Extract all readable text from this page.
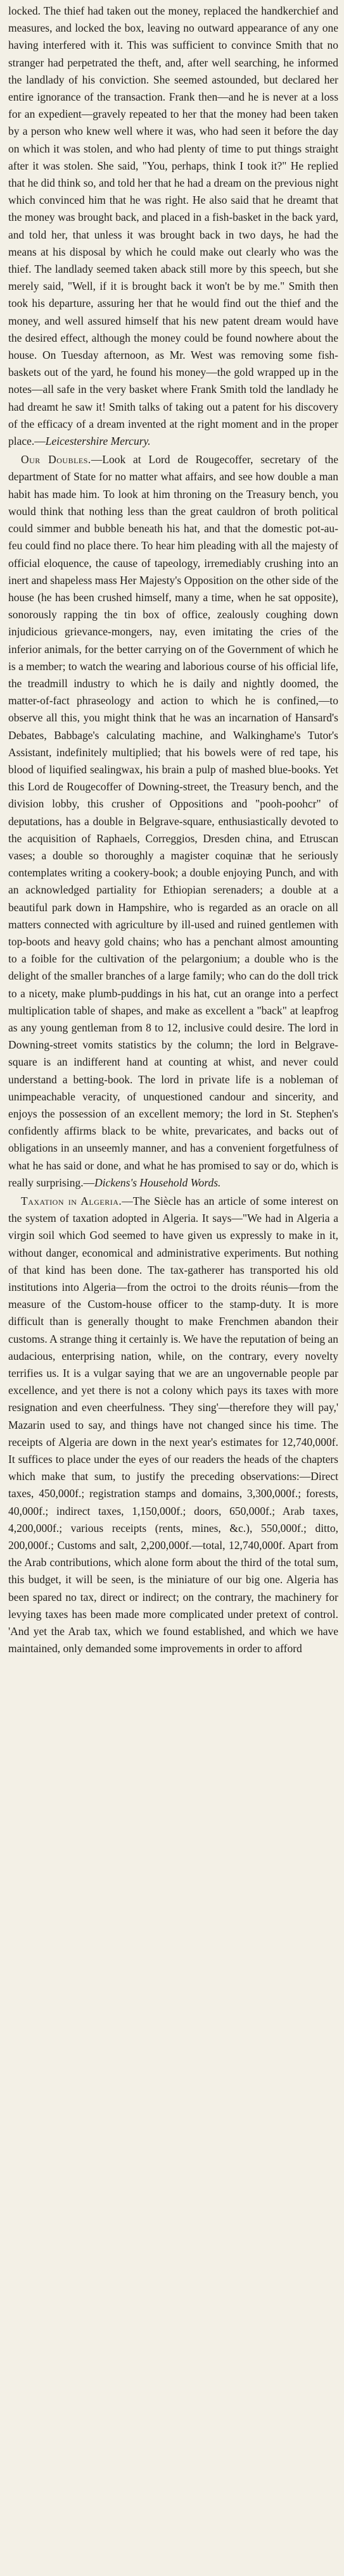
locked. The thief had taken out the money, replaced the handkerchief and measures, and locked the box, leaving no outward appearance of any one having interfered with it. This was sufficient to convince Smith that no stranger had perpetrated the theft, and, after well searching, he informed the landlady of his conviction. She seemed astounded, but declared her entire ignorance of the transaction. Frank then—and he is never at a loss for an expedient—gravely repeated to her that the money had been taken by a person who knew well where it was, who had seen it before the day on which it was stolen, and who had plenty of time to put things straight after it was stolen. She said, "You, perhaps, think I took it?" He replied that he did think so, and told her that he had a dream on the previous night which convinced him that he was right. He also said that he dreamt that the money was brought back, and placed in a fish-basket in the back yard, and told her, that unless it was brought back in two days, he had the means at his disposal by which he could make out clearly who was the thief. The landlady seemed taken aback still more by this speech, but she merely said, "Well, if it is brought back it won't be by me." Smith then took his departure, assuring her that he would find out the thief and the money, and well assured himself that his new patent dream would have the desired effect, although the money could be found nowhere about the house. On Tuesday afternoon, as Mr. West was removing some fish-baskets out of the yard, he found his money—the gold wrapped up in the notes—all safe in the very basket where Frank Smith told the landlady he had dreamt he saw it! Smith talks of taking out a patent for his discovery of the efficacy of a dream invented at the right moment and in the proper place.—Leicestershire Mercury.

Our Doubles.—Look at Lord de Rougecoffer, secretary of the department of State for no matter what affairs, and see how double a man habit has made him. To look at him throning on the Treasury bench, you would think that nothing less than the great cauldron of broth political could simmer and bubble beneath his hat, and that the domestic pot-au-feu could find no place there. To hear him pleading with all the majesty of official eloquence, the cause of tapeology, irremediably crushing into an inert and shapeless mass Her Majesty's Opposition on the other side of the house (he has been crushed himself, many a time, when he sat opposite), sonorously rapping the tin box of office, zealously coughing down injudicious grievance-mongers, nay, even imitating the cries of the inferior animals, for the better carrying on of the Government of which he is a member; to watch the wearing and laborious course of his official life, the treadmill industry to which he is daily and nightly doomed, the matter-of-fact phraseology and action to which he is confined,—to observe all this, you might think that he was an incarnation of Hansard's Debates, Babbage's calculating machine, and Walkinghame's Tutor's Assistant, indefinitely multiplied; that his bowels were of red tape, his blood of liquified sealingwax, his brain a pulp of mashed blue-books. Yet this Lord de Rougecoffer of Downing-street, the Treasury bench, and the division lobby, this crusher of Oppositions and "pooh-poohcr" of deputations, has a double in Belgrave-square, enthusiastically devoted to the acquisition of Raphaels, Correggios, Dresden china, and Etruscan vases; a double so thoroughly a magister coquinæ that he seriously contemplates writing a cookery-book; a double enjoying Punch, and with an acknowledged partiality for Ethiopian serenaders; a double at a beautiful park down in Hampshire, who is regarded as an oracle on all matters connected with agriculture by ill-used and ruined gentlemen with top-boots and heavy gold chains; who has a penchant almost amounting to a foible for the cultivation of the pelargonium; a double who is the delight of the smaller branches of a large family; who can do the doll trick to a nicety, make plumb-puddings in his hat, cut an orange into a perfect multiplication table of shapes, and make as excellent a "back" at leapfrog as any young gentleman from 8 to 12, inclusive could desire. The lord in Downing-street vomits statistics by the column; the lord in Belgrave-square is an indifferent hand at counting at whist, and never could understand a betting-book. The lord in private life is a nobleman of unimpeachable veracity, of unquestioned candour and sincerity, and enjoys the possession of an excellent memory; the lord in St. Stephen's confidently affirms black to be white, prevaricates, and backs out of obligations in an unseemly manner, and has a convenient forgetfulness of what he has said or done, and what he has promised to say or do, which is really surprising.—Dickens's Household Words.

Taxation in Algeria.—The Siècle has an article of some interest on the system of taxation adopted in Algeria. It says—"We had in Algeria a virgin soil which God seemed to have given us expressly to make in it, without danger, economical and administrative experiments. But nothing of that kind has been done. The tax-gatherer has transported his old institutions into Algeria—from the octroi to the droits réunis—from the measure of the Custom-house officer to the stamp-duty. It is more difficult than is generally thought to make Frenchmen abandon their customs. A strange thing it certainly is. We have the reputation of being an audacious, enterprising nation, while, on the contrary, every novelty terrifies us. It is a vulgar saying that we are an ungovernable people par excellence, and yet there is not a colony which pays its taxes with more resignation and even cheerfulness. 'They sing'—therefore they will pay,' Mazarin used to say, and things have not changed since his time. The receipts of Algeria are down in the next year's estimates for 12,740,000f. It suffices to place under the eyes of our readers the heads of the chapters which make that sum, to justify the preceding observations:—Direct taxes, 450,000f.; registration stamps and domains, 3,300,000f.; forests, 40,000f.; indirect taxes, 1,150,000f.; doors, 650,000f.; Arab taxes, 4,200,000f.; various receipts (rents, mines, &c.), 550,000f.; ditto, 200,000f.; Customs and salt, 2,200,000f.—total, 12,740,000f. Apart from the Arab contributions, which alone form about the third of the total sum, this budget, it will be seen, is the miniature of our big one. Algeria has been spared no tax, direct or indirect; on the contrary, the machinery for levying taxes has been made more complicated under pretext of control. 'And yet the Arab tax, which we found established, and which we have maintained, only demanded some improvements in order to afford
